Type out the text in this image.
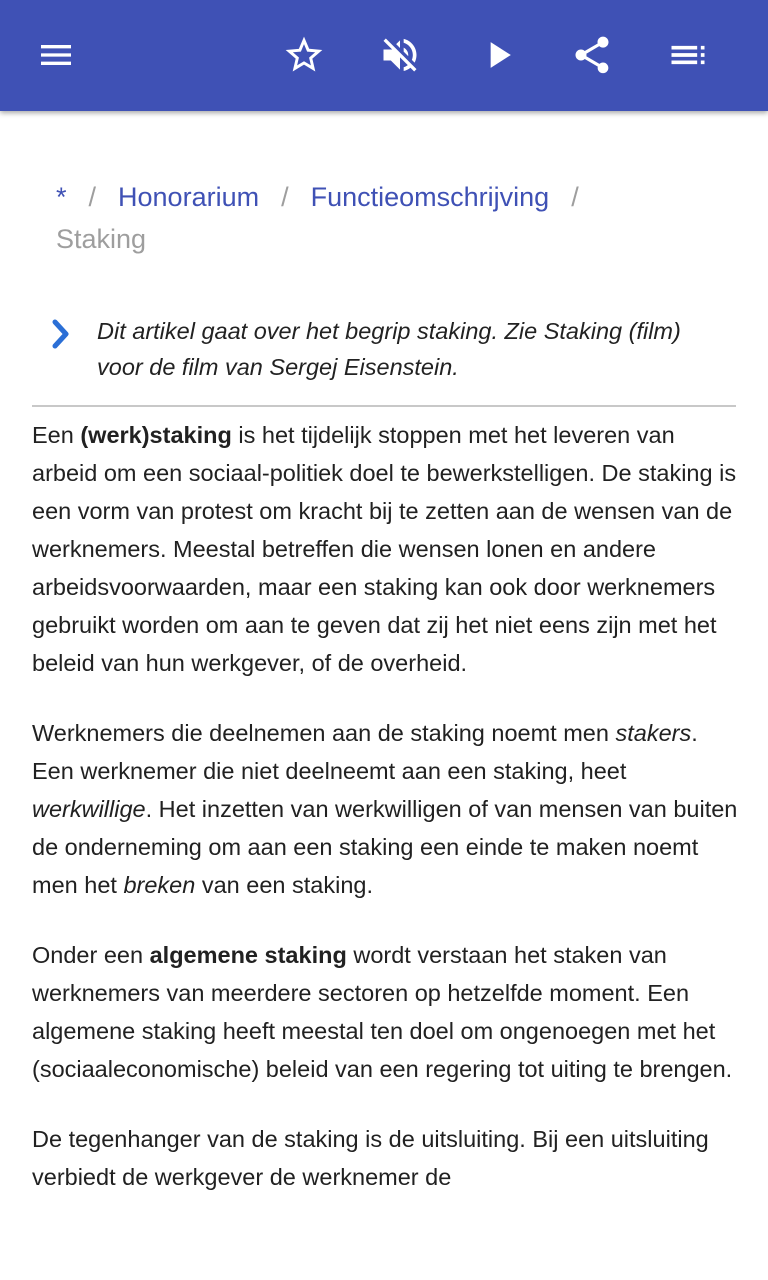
* / Honorarium / Functieomschrijving /
Staking
Dit artikel gaat over het begrip staking. Zie Staking (film) voor de film van Sergej Eisenstein.

Een (werk)staking is het tijdelijk stoppen met het leveren van arbeid om een sociaal-politiek doel te bewerkstelligen. De staking is een vorm van protest om kracht bij te zetten aan de wensen van de werknemers. Meestal betreffen die wensen lonen en andere arbeidsvoorwaarden, maar een staking kan ook door werknemers gebruikt worden om aan te geven dat zij het niet eens zijn met het beleid van hun werkgever, of de overheid.

Werknemers die deelnemen aan de staking noemt men stakers. Een werknemer die niet deelneemt aan een staking, heet werkwillige. Het inzetten van werkwilligen of van mensen van buiten de onderneming om aan een staking een einde te maken noemt men het breken van een staking.

Onder een algemene staking wordt verstaan het staken van werknemers van meerdere sectoren op hetzelfde moment. Een algemene staking heeft meestal ten doel om ongenoegen met het (sociaaleconomische) beleid van een regering tot uiting te brengen.

De tegenhanger van de staking is de uitsluiting. Bij een uitsluiting verbiedt de werkgever de werknemer de
